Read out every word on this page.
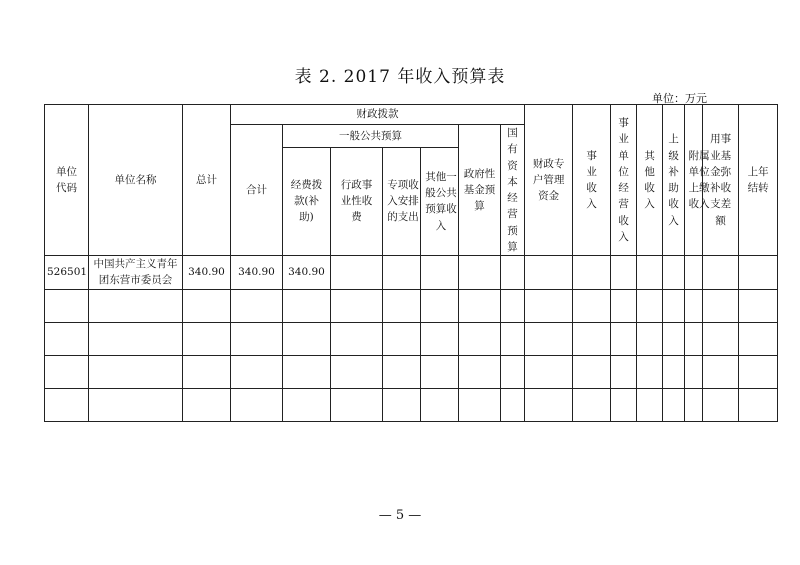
表 2. 2017 年收入预算表
单位：万元
单位代码	单位名称	总计	财政拨款							财政专户管理资金	事业收入	事业单位经营收入	其他收入	上级补助收入	附属单位上缴收入	用事业基金弥补收支差额	上年结转
			合计	一般公共预算				政府性基金预算	国有资本经营预算								
				经费拨款(补助)	行政事业性收费	专项收入安排的支出	其他一般公共预算收入										
526501	中国共产主义青年团东营市委员会	340.90	340.90	340.90													

— 5 —
